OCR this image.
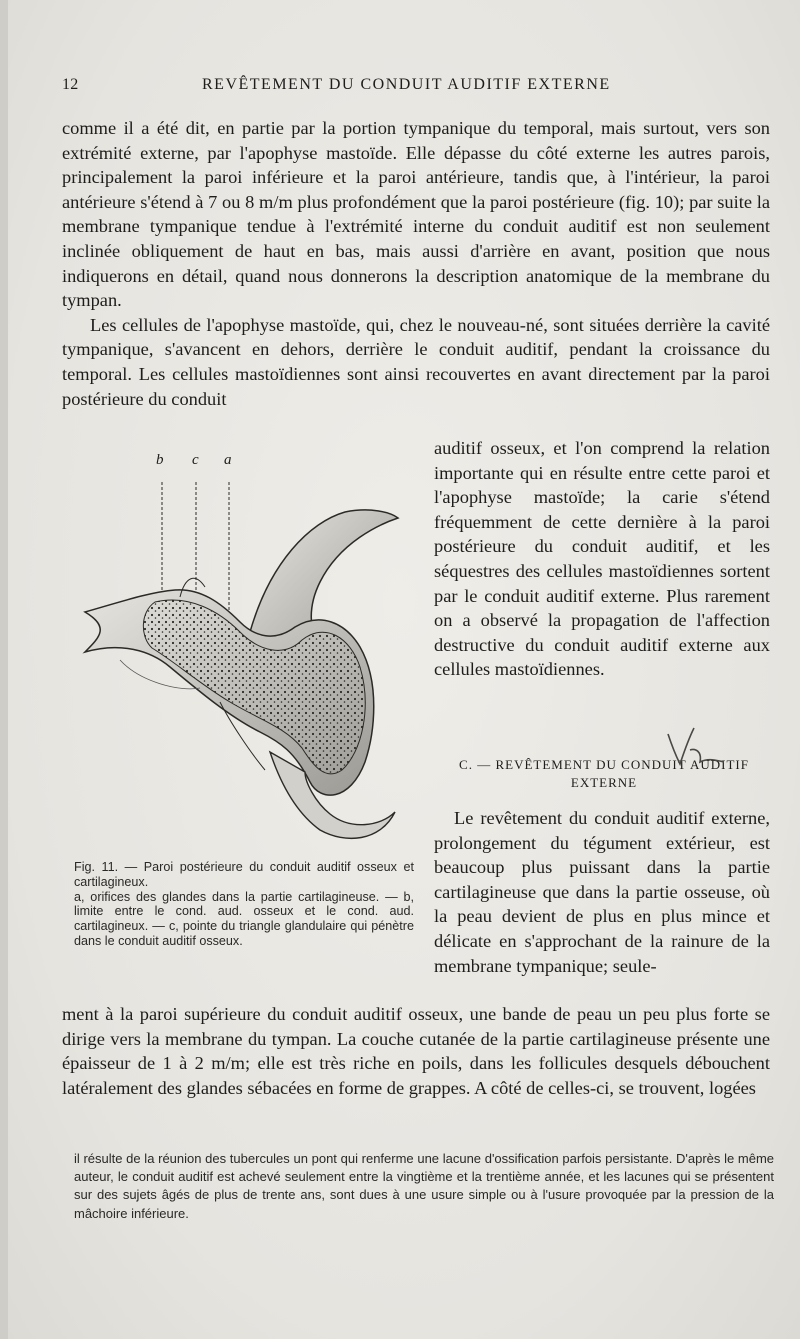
12	REVÊTEMENT DU CONDUIT AUDITIF EXTERNE

comme il a été dit, en partie par la portion tympanique du temporal, mais surtout, vers son extrémité externe, par l'apophyse mastoïde. Elle dépasse du côté externe les autres parois, principalement la paroi inférieure et la paroi antérieure, tandis que, à l'intérieur, la paroi antérieure s'étend à 7 ou 8 m/m plus profondément que la paroi postérieure (fig. 10); par suite la membrane tympanique tendue à l'extrémité interne du conduit auditif est non seulement inclinée obliquement de haut en bas, mais aussi d'arrière en avant, position que nous indiquerons en détail, quand nous donnerons la description anatomique de la membrane du tympan.

Les cellules de l'apophyse mastoïde, qui, chez le nouveau-né, sont situées derrière la cavité tympanique, s'avancent en dehors, derrière le conduit auditif, pendant la croissance du temporal. Les cellules mastoïdiennes sont ainsi recouvertes en avant directement par la paroi postérieure du conduit

auditif osseux, et l'on comprend la relation importante qui en résulte entre cette paroi et l'apophyse mastoïde; la carie s'étend fréquemment de cette dernière à la paroi postérieure du conduit auditif, et les séquestres des cellules mastoïdiennes sortent par le conduit auditif externe. Plus rarement on a observé la propagation de l'affection destructive du conduit auditif externe aux cellules mastoïdiennes.

b c a
C. — REVÊTEMENT DU CONDUIT AUDITIF
EXTERNE

Le revêtement du conduit auditif externe, prolongement du tégument extérieur, est beaucoup plus puissant dans la partie cartilagineuse que dans la partie osseuse, où la peau devient de plus en plus mince et délicate en s'approchant de la rainure de la membrane tympanique; seule-

Fig. 11. — Paroi postérieure du conduit auditif osseux et cartilagineux.
a, orifices des glandes dans la partie cartilagineuse. — b, limite entre le cond. aud. osseux et le cond. aud. cartilagineux. — c, pointe du triangle glandulaire qui pénètre dans le conduit auditif osseux.

ment à la paroi supérieure du conduit auditif osseux, une bande de peau un peu plus forte se dirige vers la membrane du tympan. La couche cutanée de la partie cartilagineuse présente une épaisseur de 1 à 2 m/m; elle est très riche en poils, dans les follicules desquels débouchent latéralement des glandes sébacées en forme de grappes. A côté de celles-ci, se trouvent, logées

il résulte de la réunion des tubercules un pont qui renferme une lacune d'ossification parfois persistante. D'après le même auteur, le conduit auditif est achevé seulement entre la vingtième et la trentième année, et les lacunes qui se présentent sur des sujets âgés de plus de trente ans, sont dues à une usure simple ou à l'usure provoquée par la pression de la mâchoire inférieure.
